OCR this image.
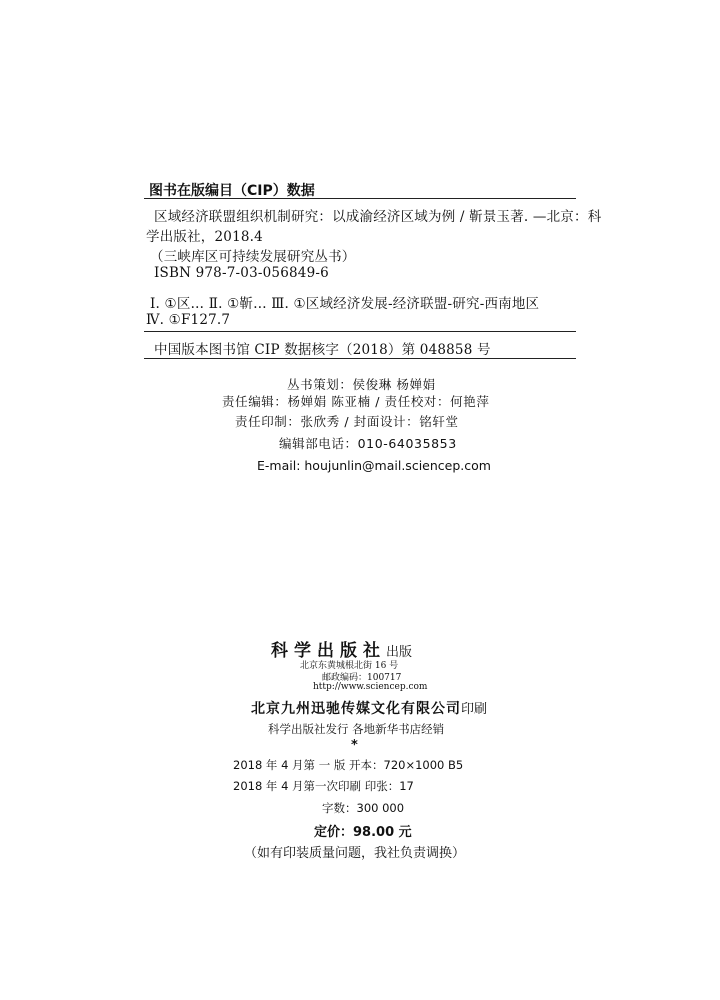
图书在版编目（CIP）数据
区域经济联盟组织机制研究：以成渝经济区域为例 / 靳景玉著. —北京：科
学出版社，2018.4
（三峡库区可持续发展研究丛书）
ISBN 978-7-03-056849-6
Ⅰ. ①区… Ⅱ. ①靳… Ⅲ. ①区域经济发展-经济联盟-研究-西南地区
Ⅳ. ①F127.7
中国版本图书馆 CIP 数据核字（2018）第 048858 号
丛书策划：侯俊琳 杨婵娟
责任编辑：杨婵娟 陈亚楠 / 责任校对：何艳萍
责任印制：张欣秀 / 封面设计：铭轩堂
编辑部电话：010-64035853
E-mail: houjunlin@mail.sciencep.com
科学出版社出版
北京东黄城根北街 16 号
邮政编码：100717
http://www.sciencep.com
北京九州迅驰传媒文化有限公司印刷
科学出版社发行 各地新华书店经销
*
2018 年 4 月第 一 版 开本：720×1000 B5
2018 年 4 月第一次印刷 印张：17
字数：300 000
定价：98.00 元
（如有印装质量问题，我社负责调换）
